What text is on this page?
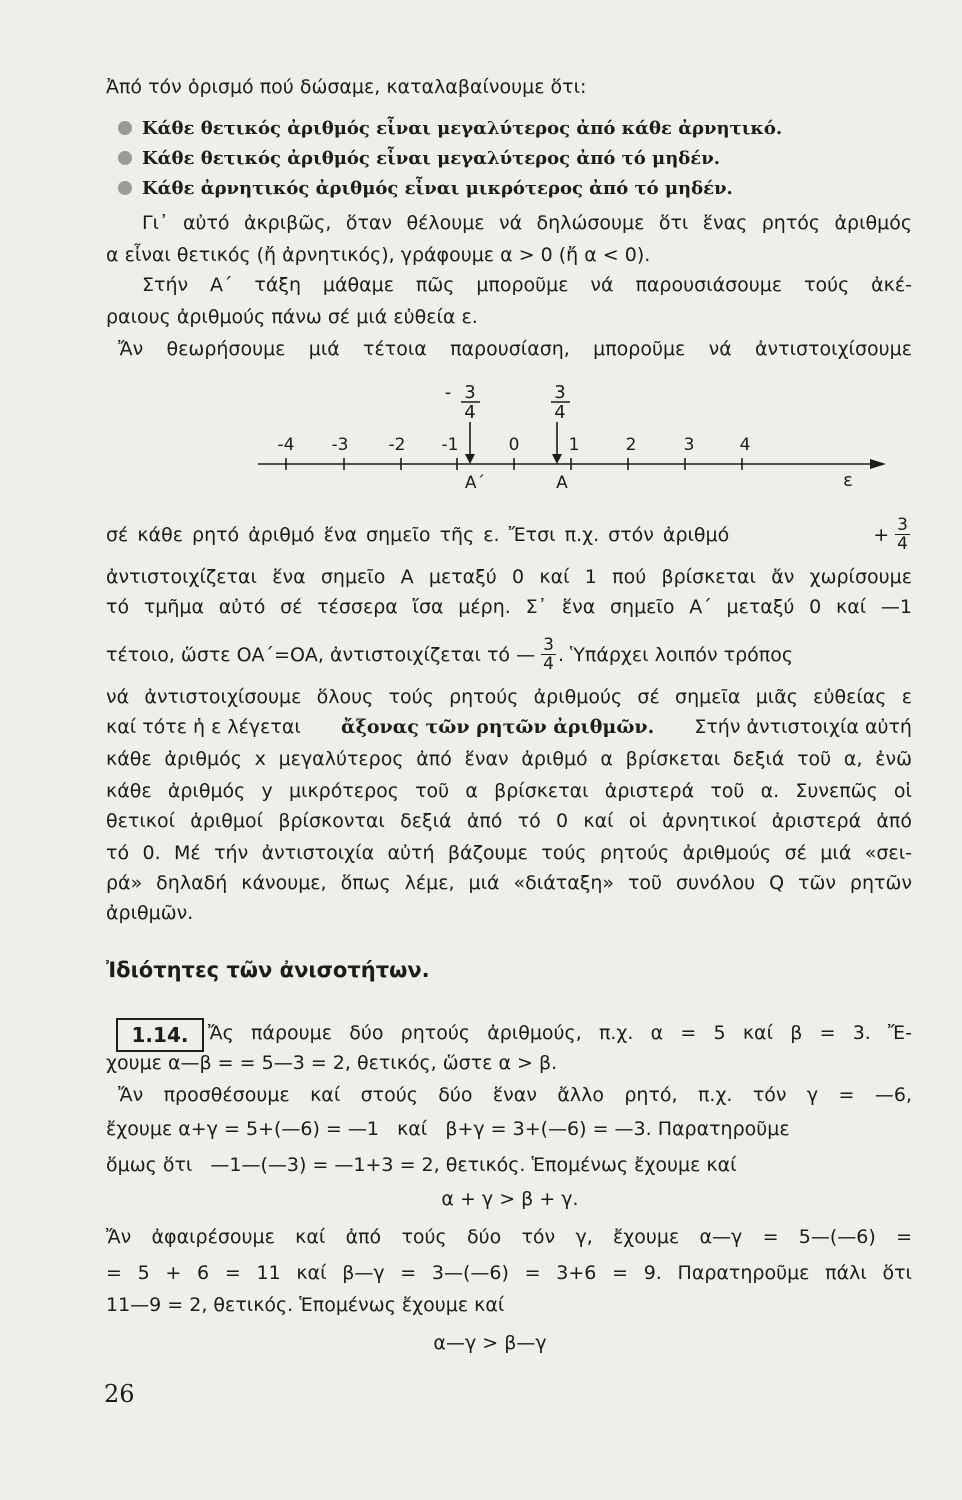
Ἀπό τόν ὁρισμό πού δώσαμε, καταλαβαίνουμε ὅτι:
Κάθε θετικός ἀριθμός εἶναι μεγαλύτερος ἀπό κάθε ἀρνητικό.
Κάθε θετικός ἀριθμός εἶναι μεγαλύτερος ἀπό τό μηδέν.
Κάθε ἀρνητικός ἀριθμός εἶναι μικρότερος ἀπό τό μηδέν.
Γι᾽ αὐτό ἀκριβῶς, ὅταν θέλουμε νά δηλώσουμε ὅτι ἕνας ρητός ἀριθμός
α εἶναι θετικός (ἤ ἀρνητικός), γράφουμε α > 0 (ἤ α < 0).
Στήν Α΄ τάξη μάθαμε πῶς μποροῦμε νά παρουσιάσουμε τούς ἀκέ-
ραιους ἀριθμούς πάνω σέ μιά εὐθεία ε.
Ἄν θεωρήσουμε μιά τέτοια παρουσίαση, μποροῦμε νά ἀντιστοιχίσουμε
- 3
4
3
4
-4 -3 -2 -1	0	1	2	3	4
Α΄	Α	ε
σέ κάθε ρητό ἀριθμό ἕνα σημεῖο τῆς ε. Ἔτσι π.χ. στόν ἀριθμό	+ $\frac{3}{4}$
ἀντιστοιχίζεται ἕνα σημεῖο Α μεταξύ 0 καί 1 πού βρίσκεται ἄν χωρίσουμε
τό τμῆμα αὐτό σέ τέσσερα ἴσα μέρη. Σ᾽ ἕνα σημεῖο Α΄ μεταξύ 0 καί —1
τέτοιο, ὥστε ΟΑ΄=ΟΑ, ἀντιστοιχίζεται τό — $\frac{3}{4}$ . Ὑπάρχει λοιπόν τρόπος
νά ἀντιστοιχίσουμε ὅλους τούς ρητούς ἀριθμούς σέ σημεῖα μιᾶς εὐθείας ε
καί τότε ἡ ε λέγεται ἄξονας τῶν ρητῶν ἀριθμῶν. Στήν ἀντιστοιχία αὐτή
κάθε ἀριθμός x μεγαλύτερος ἀπό ἕναν ἀριθμό α βρίσκεται δεξιά τοῦ α, ἐνῶ
κάθε ἀριθμός y μικρότερος τοῦ α βρίσκεται ἀριστερά τοῦ α. Συνεπῶς οἱ
θετικοί ἀριθμοί βρίσκονται δεξιά ἀπό τό 0 καί οἱ ἀρνητικοί ἀριστερά ἀπό
τό 0. Μέ τήν ἀντιστοιχία αὐτή βάζουμε τούς ρητούς ἀριθμούς σέ μιά «σει-
ρά» δηλαδή κάνουμε, ὅπως λέμε, μιά «διάταξη» τοῦ συνόλου Q τῶν ρητῶν
ἀριθμῶν.
Ἰδιότητες τῶν ἀνισοτήτων.
1.14.	Ἄς πάρουμε δύο ρητούς ἀριθμούς, π.χ. α = 5 καί β = 3. Ἔ-
χουμε α—β = = 5—3 = 2, θετικός, ὥστε α > β.
Ἄν προσθέσουμε καί στούς δύο ἕναν ἄλλο ρητό, π.χ. τόν γ = —6,
ἔχουμε α+γ = 5+(—6) = —1   καί   β+γ = 3+(—6) = —3. Παρατηροῦμε
ὅμως ὅτι   —1—(—3) = —1+3 = 2, θετικός. Ἑπομένως ἔχουμε καί
α + γ > β + γ.
Ἄν ἀφαιρέσουμε καί ἀπό τούς δύο τόν γ, ἔχουμε α—γ = 5—(—6) =
= 5 + 6 = 11 καί β—γ = 3—(—6) = 3+6 = 9. Παρατηροῦμε πάλι ὅτι
11—9 = 2, θετικός. Ἑπομένως ἔχουμε καί
α—γ > β—γ
26
